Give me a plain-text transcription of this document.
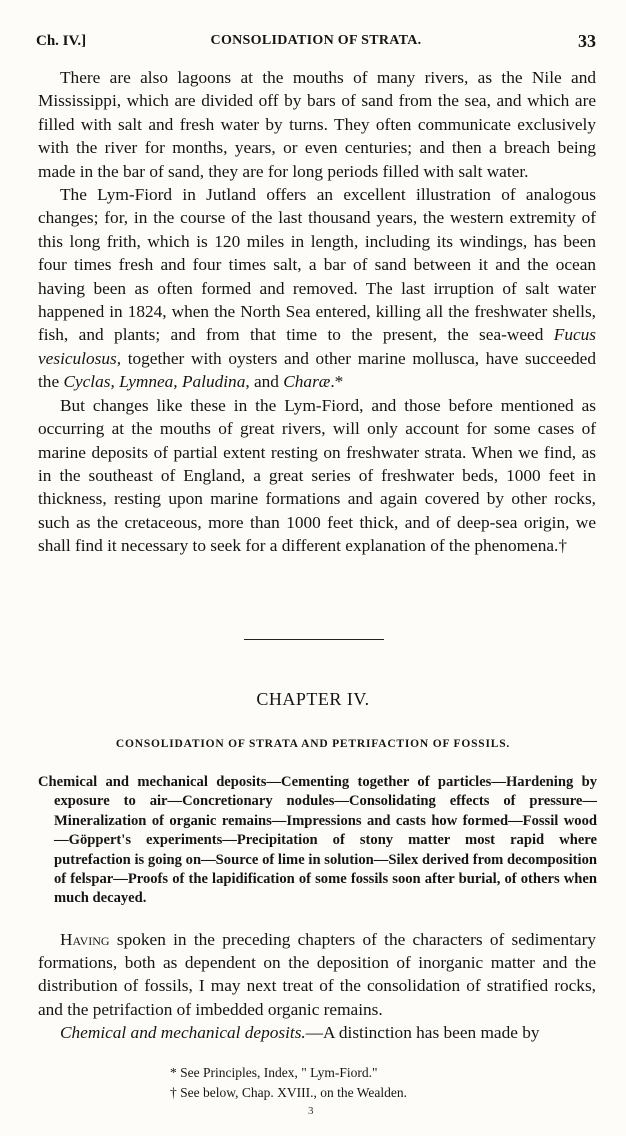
Ch. IV.]	CONSOLIDATION OF STRATA.	33

There are also lagoons at the mouths of many rivers, as the Nile and Mississippi, which are divided off by bars of sand from the sea, and which are filled with salt and fresh water by turns. They often communicate exclusively with the river for months, years, or even centuries; and then a breach being made in the bar of sand, they are for long periods filled with salt water.

The Lym-Fiord in Jutland offers an excellent illustration of analogous changes; for, in the course of the last thousand years, the western extremity of this long frith, which is 120 miles in length, including its windings, has been four times fresh and four times salt, a bar of sand between it and the ocean having been as often formed and removed. The last irruption of salt water happened in 1824, when the North Sea entered, killing all the freshwater shells, fish, and plants; and from that time to the present, the sea-weed Fucus vesiculosus, together with oysters and other marine mollusca, have succeeded the Cyclas, Lymnea, Paludina, and Charæ.*

But changes like these in the Lym-Fiord, and those before mentioned as occurring at the mouths of great rivers, will only account for some cases of marine deposits of partial extent resting on freshwater strata. When we find, as in the southeast of England, a great series of freshwater beds, 1000 feet in thickness, resting upon marine formations and again covered by other rocks, such as the cretaceous, more than 1000 feet thick, and of deep-sea origin, we shall find it necessary to seek for a different explanation of the phenomena.†

CHAPTER IV.
CONSOLIDATION OF STRATA AND PETRIFACTION OF FOSSILS.

Chemical and mechanical deposits—Cementing together of particles—Hardening by exposure to air—Concretionary nodules—Consolidating effects of pressure—Mineralization of organic remains—Impressions and casts how formed—Fossil wood—Göppert's experiments—Precipitation of stony matter most rapid where putrefaction is going on—Source of lime in solution—Silex derived from decomposition of felspar—Proofs of the lapidification of some fossils soon after burial, of others when much decayed.

Having spoken in the preceding chapters of the characters of sedimentary formations, both as dependent on the deposition of inorganic matter and the distribution of fossils, I may next treat of the consolidation of stratified rocks, and the petrifaction of imbedded organic remains.

Chemical and mechanical deposits.—A distinction has been made by

* See Principles, Index, " Lym-Fiord."
† See below, Chap. XVIII., on the Wealden.
3
